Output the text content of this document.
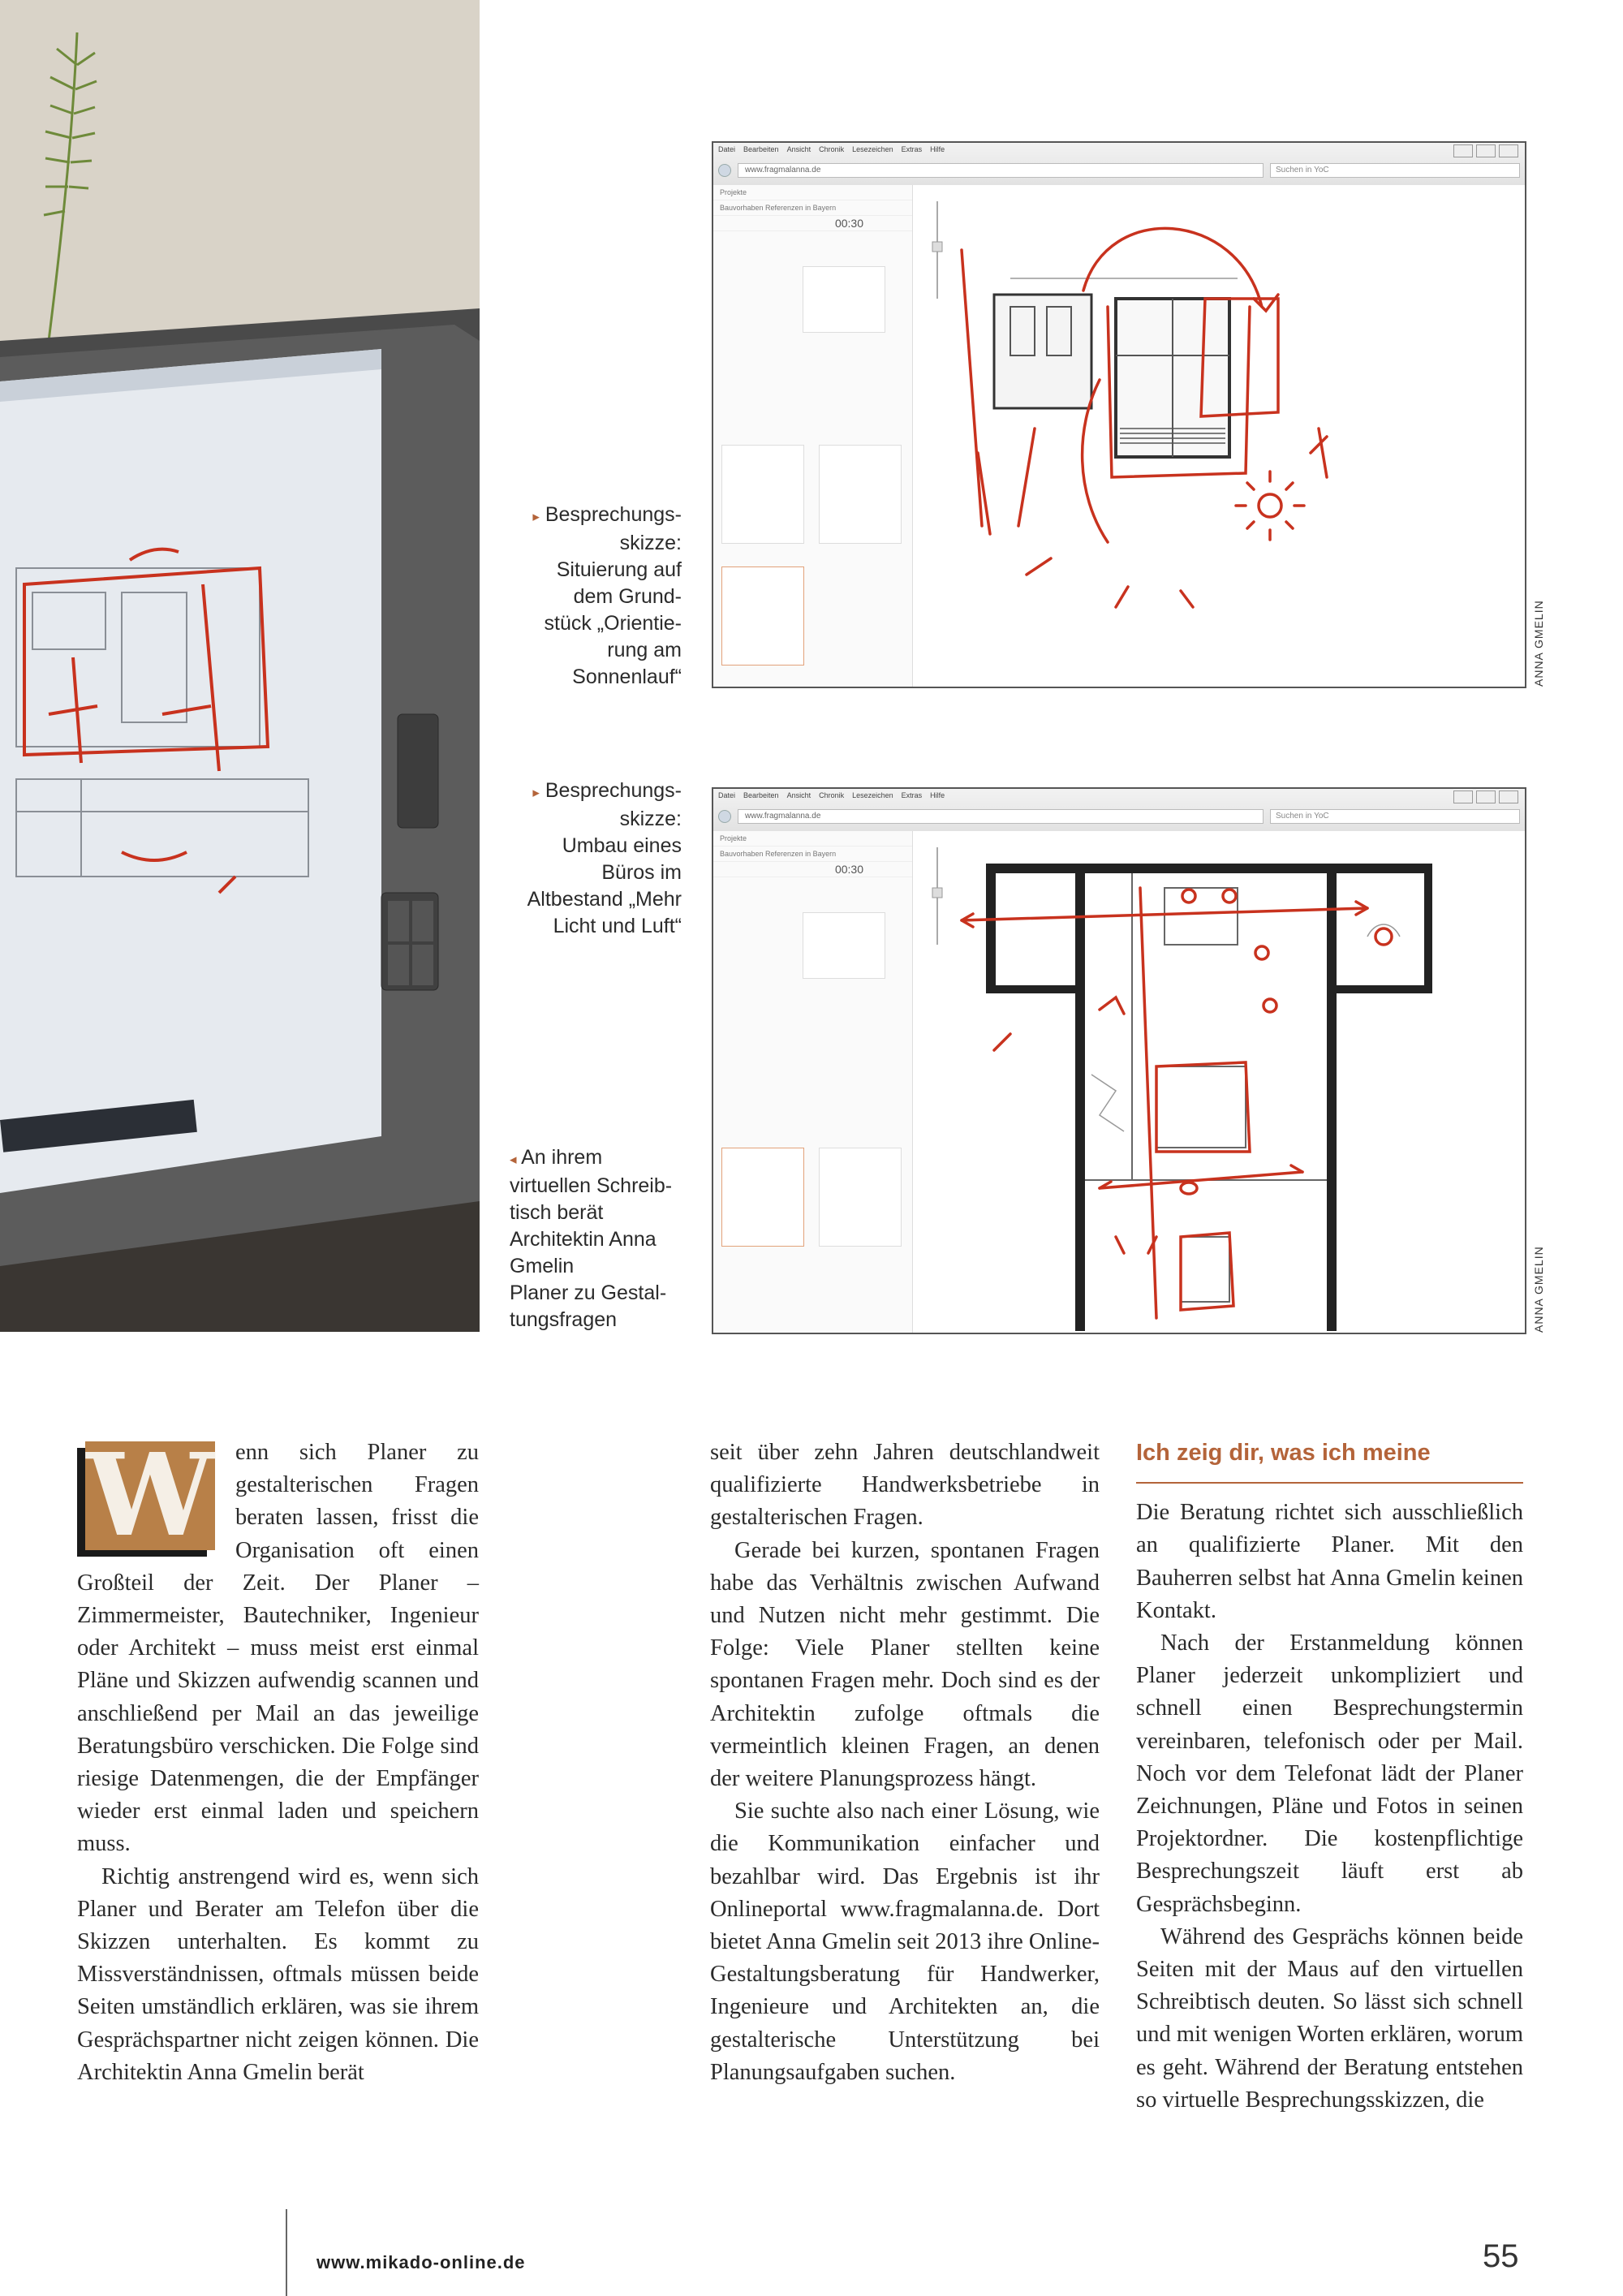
Datei Bearbeiten Ansicht Chronik Lesezeichen Extras Hilfe
www.fragmalanna.de	Suchen in YoC
Projekte
Bauvorhaben Referenzen in Bayern

00:30
▸ Besprechungs-
skizze:
Situierung auf
dem Grund-
stück „Orientie-
rung am
Sonnenlauf“	ANNA GMELIN
Datei Bearbeiten Ansicht Chronik Lesezeichen Extras Hilfe
www.fragmalanna.de	Suchen in YoC
Projekte
Bauvorhaben Referenzen in Bayern

00:30
▸ Besprechungs-
skizze:
Umbau eines
Büros im
Altbestand „Mehr
Licht und Luft“
◂ An ihrem
virtuellen Schreib-
tisch berät
Architektin Anna
Gmelin
Planer zu Gestal-
tungsfragen	ANNA GMELIN
W enn sich Planer zu gestalterischen Fragen beraten lassen, frisst die Organisation oft einen Großteil der Zeit. Der Planer – Zimmermeister, Bautechniker, Ingenieur oder Architekt – muss meist erst einmal Pläne und Skizzen aufwendig scannen und anschließend per Mail an das jeweilige Beratungsbüro verschicken. Die Folge sind riesige Datenmengen, die der Empfänger wieder erst einmal laden und speichern muss.

Richtig anstrengend wird es, wenn sich Planer und Berater am Telefon über die Skizzen unterhalten. Es kommt zu Missverständnissen, oftmals müssen beide Seiten umständlich erklären, was sie ihrem Gesprächspartner nicht zeigen können. Die Architektin Anna Gmelin berät

seit über zehn Jahren deutschlandweit qualifizierte Handwerksbetriebe in gestalterischen Fragen.

Gerade bei kurzen, spontanen Fragen habe das Verhältnis zwischen Aufwand und Nutzen nicht mehr gestimmt. Die Folge: Viele Planer stellten keine spontanen Fragen mehr. Doch sind es der Architektin zufolge oftmals die vermeintlich kleinen Fragen, an denen der weitere Planungsprozess hängt.

Sie suchte also nach einer Lösung, wie die Kommunikation einfacher und bezahlbar wird. Das Ergebnis ist ihr Onlineportal www.fragmalanna.de. Dort bietet Anna Gmelin seit 2013 ihre Online-Gestaltungsberatung für Handwerker, Ingenieure und Architekten an, die gestalterische Unterstützung bei Planungsaufgaben suchen.

Ich zeig dir, was ich meine

Die Beratung richtet sich ausschließlich an qualifizierte Planer. Mit den Bauherren selbst hat Anna Gmelin keinen Kontakt.

Nach der Erstanmeldung können Planer jederzeit unkompliziert und schnell einen Besprechungstermin vereinbaren, telefonisch oder per Mail. Noch vor dem Telefonat lädt der Planer Zeichnungen, Pläne und Fotos in seinen Projektordner. Die kostenpflichtige Besprechungszeit läuft erst ab Gesprächsbeginn.

Während des Gesprächs können beide Seiten mit der Maus auf den virtuellen Schreibtisch deuten. So lässt sich schnell und mit wenigen Worten erklären, worum es geht. Während der Beratung entstehen so virtuelle Besprechungsskizzen, die

www.mikado-online.de	55
